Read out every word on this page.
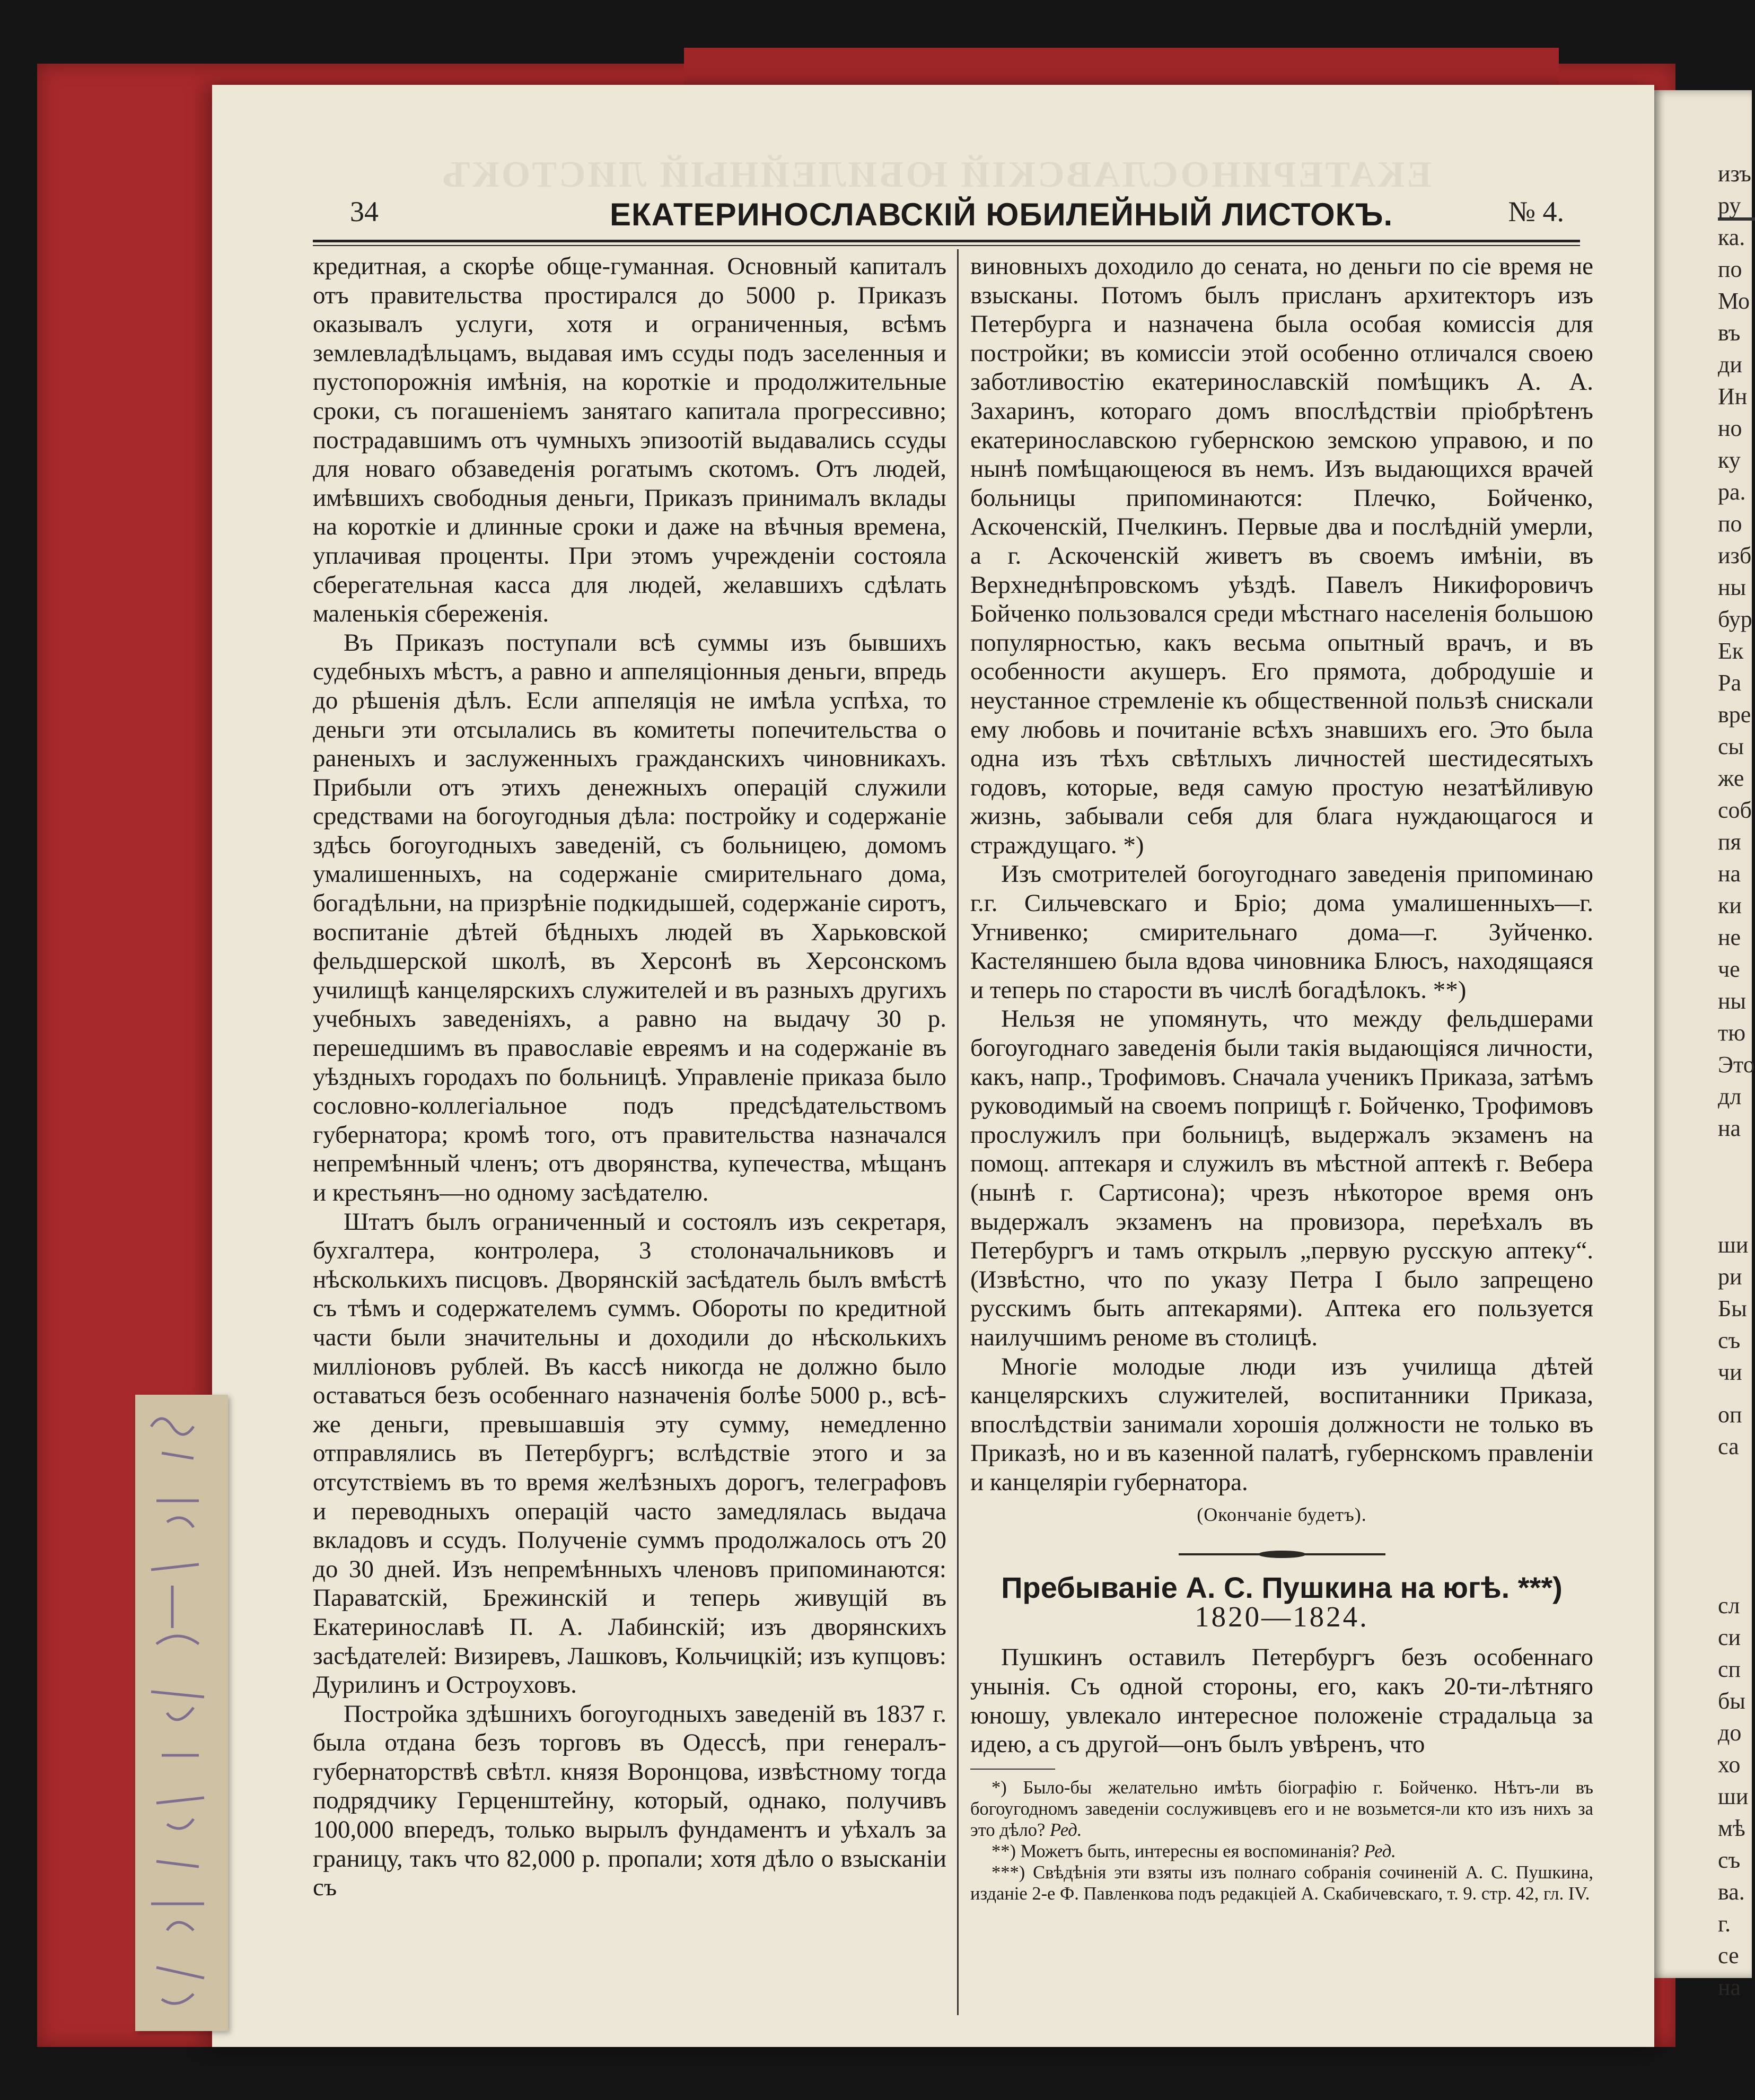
изъ
ру
ка.
по
Мо
въ
ди
Ин
но
ку
ра.
по
изб
ны
бур
Ек
Ра
вре
сы
же
соб
пя
на
ки
не
че
ны
тю
Это
дл
на
ши
ри
Бы
съ
чи
оп
са
сл
си
сп
бы
до
хо
ши
мѣ
съ
ва.
г.
се
на
ЕКАТЕРИНОСЛАВСКІЙ ЮБИЛЕЙНЫЙ ЛИСТОКЪ
34	ЕКАТЕРИНОСЛАВСКІЙ ЮБИЛЕЙНЫЙ ЛИСТОКЪ.	№ 4.

кредитная, а скорѣе обще-гуманная. Основный капиталъ отъ правительства простирался до 5000 р. Приказъ оказывалъ услуги, хотя и ограниченныя, всѣмъ землевладѣльцамъ, выдавая имъ ссуды подъ заселенныя и пустопорожнія имѣнія, на короткіе и продолжительные сроки, съ погашеніемъ занятаго капитала прогрессивно; пострадавшимъ отъ чумныхъ эпизоотій выдавались ссуды для новаго обзаведенія рогатымъ скотомъ. Отъ людей, имѣвшихъ свободныя деньги, Приказъ принималъ вклады на короткіе и длинные сроки и даже на вѣчныя времена, уплачивая проценты. При этомъ учрежденіи состояла сберегательная касса для людей, желавшихъ сдѣлать маленькія сбереженія.

Въ Приказъ поступали всѣ суммы изъ бывшихъ судебныхъ мѣстъ, а равно и аппеляціонныя деньги, впредь до рѣшенія дѣлъ. Если аппеляція не имѣла успѣха, то деньги эти отсылались въ комитеты попечительства о раненыхъ и заслуженныхъ гражданскихъ чиновникахъ. Прибыли отъ этихъ денежныхъ операцій служили средствами на богоугодныя дѣла: постройку и содержаніе здѣсь богоугодныхъ заведеній, съ больницею, домомъ умалишенныхъ, на содержаніе смирительнаго дома, богадѣльни, на призрѣніе подкидышей, содержаніе сиротъ, воспитаніе дѣтей бѣдныхъ людей въ Харьковской фельдшерской школѣ, въ Херсонѣ въ Херсонскомъ училищѣ канцелярскихъ служителей и въ разныхъ другихъ учебныхъ заведеніяхъ, а равно на выдачу 30 р. перешедшимъ въ православіе евреямъ и на содержаніе въ уѣздныхъ городахъ по больницѣ. Управленіе приказа было сословно-коллегіальное подъ предсѣдательствомъ губернатора; кромѣ того, отъ правительства назначался непремѣнный членъ; отъ дворянства, купечества, мѣщанъ и крестьянъ—но одному засѣдателю.

Штатъ былъ ограниченный и состоялъ изъ секретаря, бухгалтера, контролера, 3 столоначальниковъ и нѣсколькихъ писцовъ. Дворянскій засѣдатель былъ вмѣстѣ съ тѣмъ и содержателемъ суммъ. Обороты по кредитной части были значительны и доходили до нѣсколькихъ милліоновъ рублей. Въ кассѣ никогда не должно было оставаться безъ особеннаго назначенія болѣе 5000 р., всѣ-же деньги, превышавшія эту сумму, немедленно отправлялись въ Петербургъ; вслѣдствіе этого и за отсутствіемъ въ то время желѣзныхъ дорогъ, телеграфовъ и переводныхъ операцій часто замедлялась выдача вкладовъ и ссудъ. Полученіе суммъ продолжалось отъ 20 до 30 дней. Изъ непремѣнныхъ членовъ припоминаются: Параватскій, Брежинскій и теперь живущій въ Екатеринославѣ П. А. Лабинскій; изъ дворянскихъ засѣдателей: Визиревъ, Лашковъ, Кольчицкій; изъ купцовъ: Дурилинъ и Остроуховъ.

Постройка здѣшнихъ богоугодныхъ заведеній въ 1837 г. была отдана безъ торговъ въ Одессѣ, при генералъ-губернаторствѣ свѣтл. князя Воронцова, извѣстному тогда подрядчику Герценштейну, который, однако, получивъ 100,000 впередъ, только вырылъ фундаментъ и уѣхалъ за границу, такъ что 82,000 р. пропали; хотя дѣло о взысканіи съ

виновныхъ доходило до сената, но деньги по сіе время не взысканы. Потомъ былъ присланъ архитекторъ изъ Петербурга и назначена была особая комиссія для постройки; въ комиссіи этой особенно отличался своею заботливостію екатеринославскій помѣщикъ А. А. Захаринъ, котораго домъ впослѣдствіи пріобрѣтенъ екатеринославскою губернскою земскою управою, и по нынѣ помѣщающеюся въ немъ. Изъ выдающихся врачей больницы припоминаются: Плечко, Бойченко, Аскоченскій, Пчелкинъ. Первые два и послѣдній умерли, а г. Аскоченскій живетъ въ своемъ имѣніи, въ Верхнеднѣпровскомъ уѣздѣ. Павелъ Никифоровичъ Бойченко пользовался среди мѣстнаго населенія большою популярностью, какъ весьма опытный врачъ, и въ особенности акушеръ. Его прямота, добродушіе и неустанное стремленіе къ общественной пользѣ снискали ему любовь и почитаніе всѣхъ знавшихъ его. Это была одна изъ тѣхъ свѣтлыхъ личностей шестидесятыхъ годовъ, которые, ведя самую простую незатѣйливую жизнь, забывали себя для блага нуждающагося и страждущаго. *)

Изъ смотрителей богоугоднаго заведенія припоминаю г.г. Сильчевскаго и Бріо; дома умалишенныхъ—г. Угнивенко; смирительнаго дома—г. Зуйченко. Кастеляншею была вдова чиновника Блюсъ, находящаяся и теперь по старости въ числѣ богадѣлокъ. **)

Нельзя не упомянуть, что между фельдшерами богоугоднаго заведенія были такія выдающіяся личности, какъ, напр., Трофимовъ. Сначала ученикъ Приказа, затѣмъ руководимый на своемъ поприщѣ г. Бойченко, Трофимовъ прослужилъ при больницѣ, выдержалъ экзаменъ на помощ. аптекаря и служилъ въ мѣстной аптекѣ г. Вебера (нынѣ г. Сартисона); чрезъ нѣкоторое время онъ выдержалъ экзаменъ на провизора, переѣхалъ въ Петербургъ и тамъ открылъ „первую русскую аптеку“. (Извѣстно, что по указу Петра I было запрещено русскимъ быть аптекарями). Аптека его пользуется наилучшимъ реномe въ столицѣ.

Многіе молодые люди изъ училища дѣтей канцелярскихъ служителей, воспитанники Приказа, впослѣдствіи занимали хорошія должности не только въ Приказѣ, но и въ казенной палатѣ, губернскомъ правленіи и канцеляріи губернатора.

(Окончаніе будетъ).

Пребываніе А. С. Пушкина на югѣ. ***)

1820—1824.

Пушкинъ оставилъ Петербургъ безъ особеннаго унынія. Съ одной стороны, его, какъ 20-ти-лѣтняго юношу, увлекало интересное положеніе страдальца за идею, а съ другой—онъ былъ увѣренъ, что

*) Было-бы желательно имѣть біографію г. Бойченко. Нѣтъ-ли въ богоугодномъ заведеніи сослуживцевъ его и не возьмется-ли кто изъ нихъ за это дѣло? Ред.

**) Можетъ быть, интересны ея воспоминанія? Ред.

***) Свѣдѣнія эти взяты изъ полнаго собранія сочиненій А. С. Пушкина, изданіе 2-е Ф. Павленкова подъ редакціей А. Скабичевскаго, т. 9. стр. 42, гл. IV.
